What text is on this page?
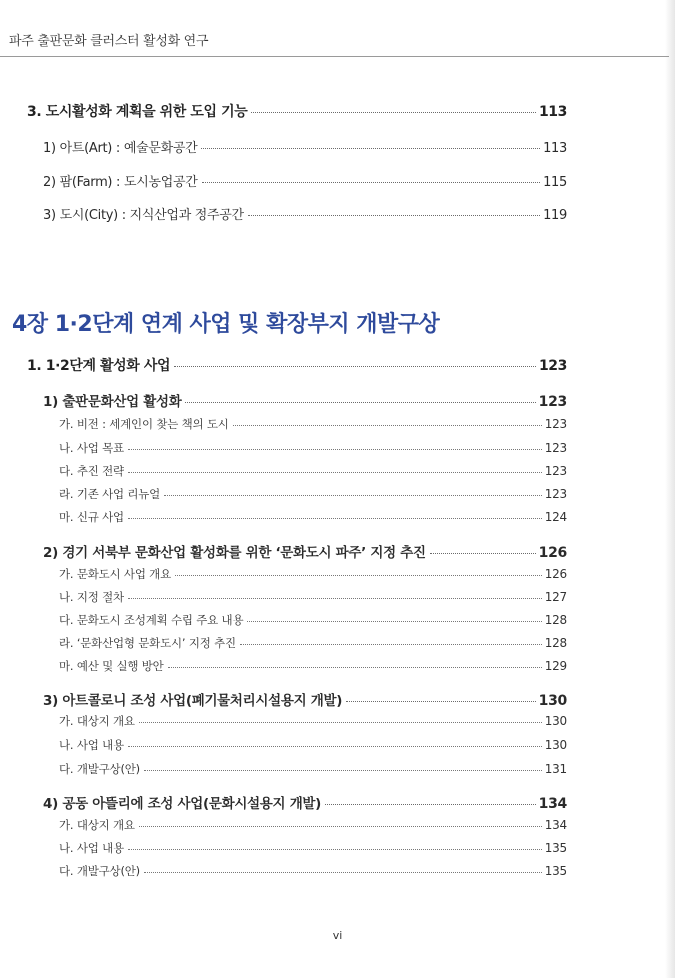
파주 출판문화 클러스터 활성화 연구
3. 도시활성화 계획을 위한 도입 기능	113
1) 아트(Art) : 예술문화공간	113
2) 팜(Farm) : 도시농업공간	115
3) 도시(City) : 지식산업과 정주공간	119
4장 1·2단계 연계 사업 및 확장부지 개발구상
1. 1·2단계 활성화 사업	123
1) 출판문화산업 활성화	123
가. 비전 : 세계인이 찾는 책의 도시	123
나. 사업 목표	123
다. 추진 전략	123
라. 기존 사업 리뉴얼	123
마. 신규 사업	124
2) 경기 서북부 문화산업 활성화를 위한 ‘문화도시 파주’ 지정 추진	126
가. 문화도시 사업 개요	126
나. 지정 절차	127
다. 문화도시 조성계획 수립 주요 내용	128
라. ‘문화산업형 문화도시’ 지정 추진	128
마. 예산 및 실행 방안	129
3) 아트콜로니 조성 사업(폐기물처리시설용지 개발)	130
가. 대상지 개요	130
나. 사업 내용	130
다. 개발구상(안)	131
4) 공동 아뜰리에 조성 사업(문화시설용지 개발)	134
가. 대상지 개요	134
나. 사업 내용	135
다. 개발구상(안)	135
vi
